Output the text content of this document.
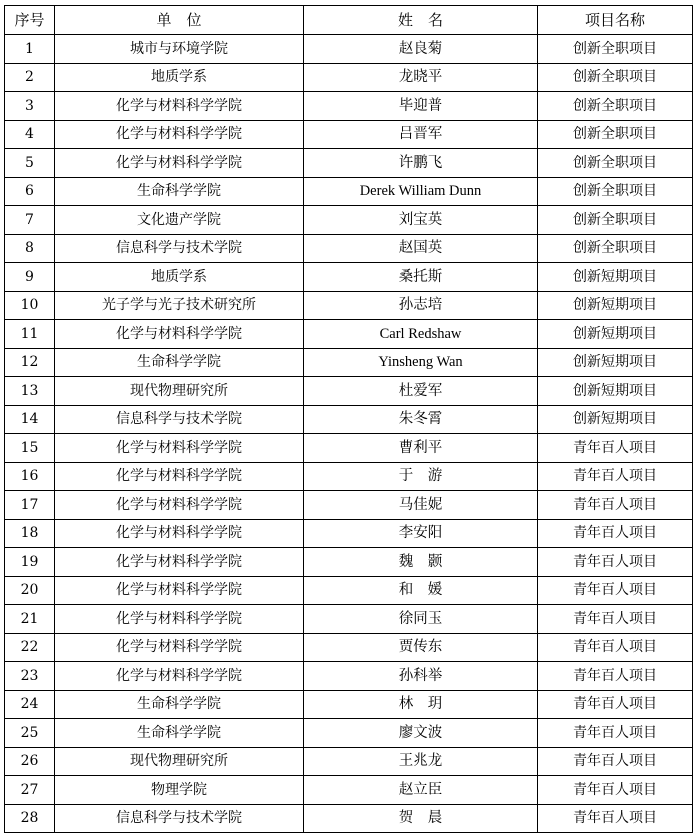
序号	单　位	姓　名	项目名称
1	城市与环境学院	赵良菊	创新全职项目
2	地质学系	龙晓平	创新全职项目
3	化学与材料科学学院	毕迎普	创新全职项目
4	化学与材料科学学院	吕晋军	创新全职项目
5	化学与材料科学学院	许鹏飞	创新全职项目
6	生命科学学院	Derek William Dunn	创新全职项目
7	文化遗产学院	刘宝英	创新全职项目
8	信息科学与技术学院	赵国英	创新全职项目
9	地质学系	桑托斯	创新短期项目
10	光子学与光子技术研究所	孙志培	创新短期项目
11	化学与材料科学学院	Carl Redshaw	创新短期项目
12	生命科学学院	Yinsheng Wan	创新短期项目
13	现代物理研究所	杜爱军	创新短期项目
14	信息科学与技术学院	朱冬霄	创新短期项目
15	化学与材料科学学院	曹利平	青年百人项目
16	化学与材料科学学院	于　游	青年百人项目
17	化学与材料科学学院	马佳妮	青年百人项目
18	化学与材料科学学院	李安阳	青年百人项目
19	化学与材料科学学院	魏　颢	青年百人项目
20	化学与材料科学学院	和　媛	青年百人项目
21	化学与材料科学学院	徐同玉	青年百人项目
22	化学与材料科学学院	贾传东	青年百人项目
23	化学与材料科学学院	孙科举	青年百人项目
24	生命科学学院	林　玥	青年百人项目
25	生命科学学院	廖文波	青年百人项目
26	现代物理研究所	王兆龙	青年百人项目
27	物理学院	赵立臣	青年百人项目
28	信息科学与技术学院	贺　晨	青年百人项目
